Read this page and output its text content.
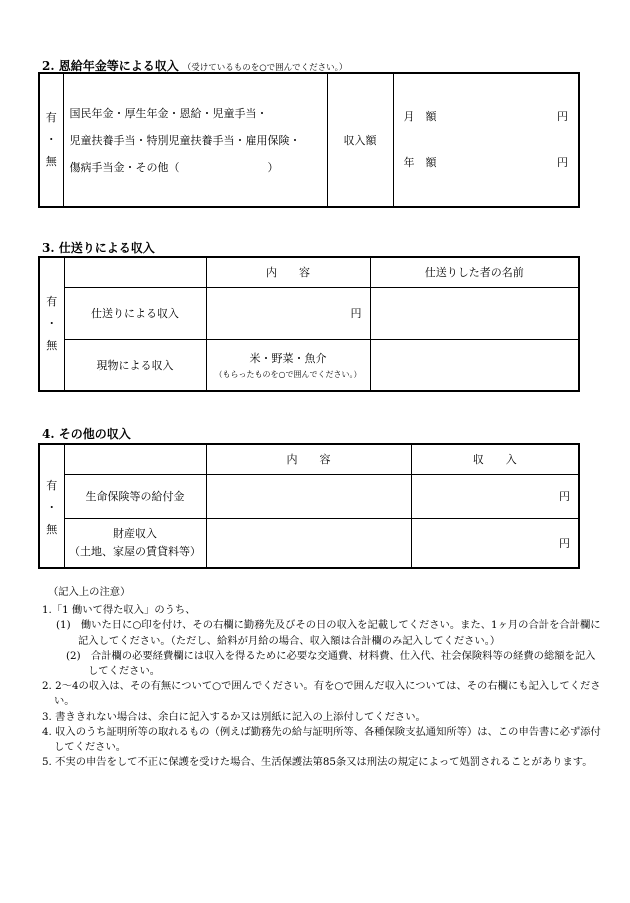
2. 恩給年金等による収入 （受けているものを○で囲んでください。）
有
・
無

国民年金・厚生年金・恩給・児童手当・
児童扶養手当・特別児童扶養手当・雇用保険・
傷病手当金・その他（　　　　　　　　）
	収入額	
月　額	円
年　額	円
3. 仕送りによる収入
有
・
無		内　　容	仕送りした者の名前
	仕送りによる収入	円	
	現物による収入	米・野菜・魚介
（もらったものを○で囲んでください。）	

4. その他の収入
有
・
無		内　　容	収　　入
	生命保険等の給付金		円

	財産収入
（土地、家屋の賃貸料等）		円
（記入上の注意）
1.「1 働いて得た収入」のうち、
(1)　働いた日に○印を付け、その右欄に勤務先及びその日の収入を記載してください。また、1ヶ月の合計を合計欄に記入してください。（ただし、給料が月給の場合、収入額は合計欄のみ記入してください。）
(2)　合計欄の必要経費欄には収入を得るために必要な交通費、材料費、仕入代、社会保険料等の経費の総額を記入してください。
2. 2～4の収入は、その有無について○で囲んでください。有を○で囲んだ収入については、その右欄にも記入してください。
3. 書ききれない場合は、余白に記入するか又は別紙に記入の上添付してください。
4. 収入のうち証明所等の取れるもの（例えば勤務先の給与証明所等、各種保険支払通知所等）は、この申告書に必ず添付してください。
5. 不実の申告をして不正に保護を受けた場合、生活保護法第85条又は刑法の規定によって処罰されることがあります。
